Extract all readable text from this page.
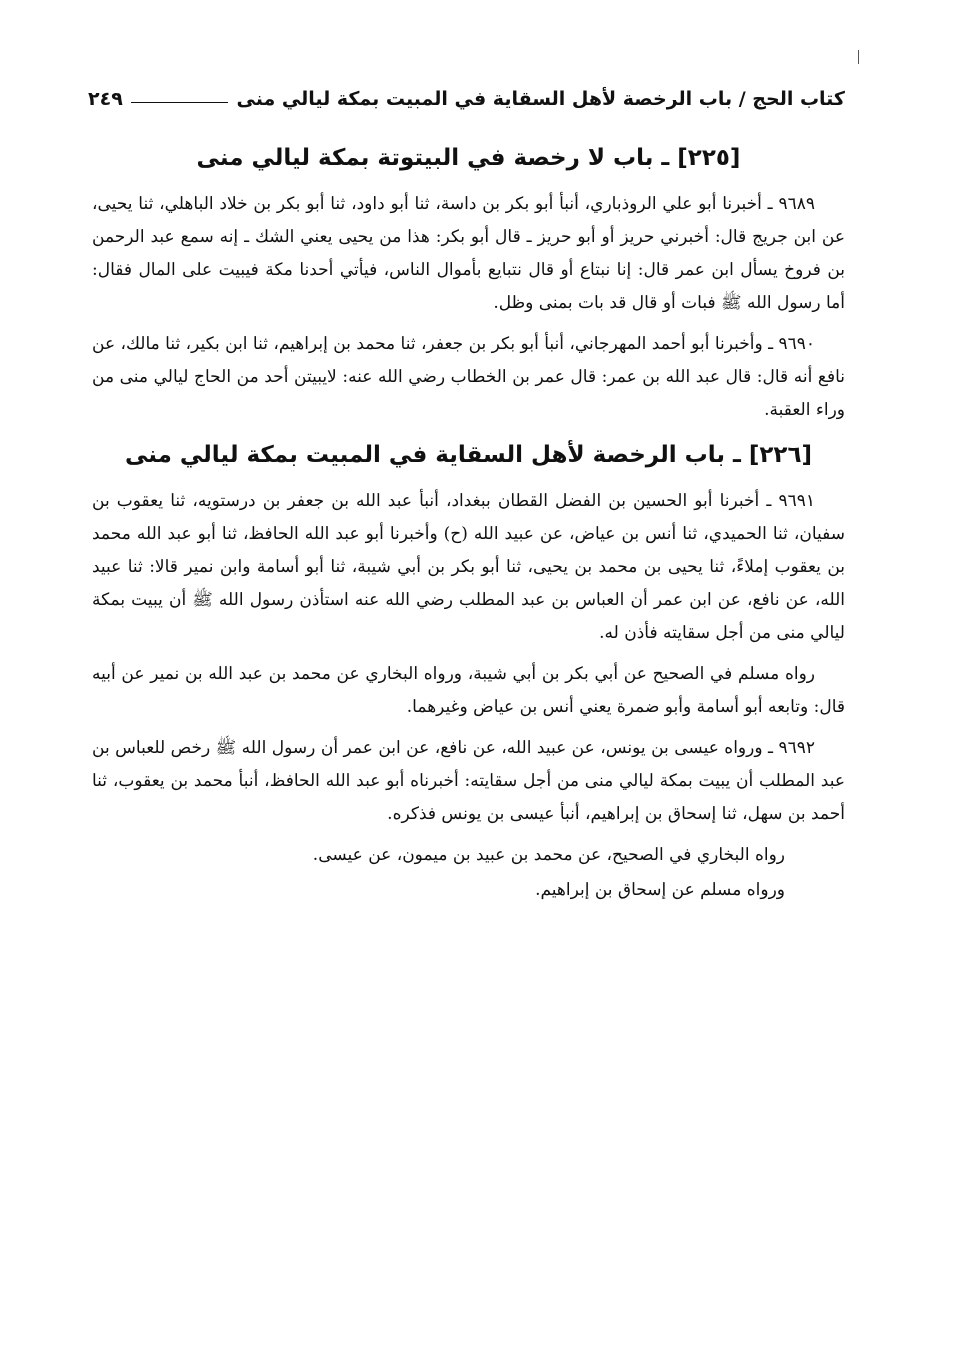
كتاب الحج / باب الرخصة لأهل السقاية في المبيت بمكة ليالي منى
٢٤٩
[٢٢٥] ـ باب لا رخصة في البيتوتة بمكة ليالي منى

٩٦٨٩ ـ أخبرنا أبو علي الروذباري، أنبأ أبو بكر بن داسة، ثنا أبو داود، ثنا أبو بكر بن خلاد الباهلي، ثنا يحيى، عن ابن جريج قال: أخبرني حريز أو أبو حريز ـ قال أبو بكر: هذا من يحيى يعني الشك ـ إنه سمع عبد الرحمن بن فروخ يسأل ابن عمر قال: إنا نبتاع أو قال نتبايع بأموال الناس، فيأتي أحدنا مكة فيبيت على المال فقال: أما رسول الله ﷺ فبات أو قال قد بات بمنى وظل.

٩٦٩٠ ـ وأخبرنا أبو أحمد المهرجاني، أنبأ أبو بكر بن جعفر، ثنا محمد بن إبراهيم، ثنا ابن بكير، ثنا مالك، عن نافع أنه قال: قال عبد الله بن عمر: قال عمر بن الخطاب رضي الله عنه: لايبيتن أحد من الحاج ليالي منى من وراء العقبة.

[٢٢٦] ـ باب الرخصة لأهل السقاية في المبيت بمكة ليالي منى

٩٦٩١ ـ أخبرنا أبو الحسين بن الفضل القطان ببغداد، أنبأ عبد الله بن جعفر بن درستويه، ثنا يعقوب بن سفيان، ثنا الحميدي، ثنا أنس بن عياض، عن عبيد الله (ح) وأخبرنا أبو عبد الله الحافظ، ثنا أبو عبد الله محمد بن يعقوب إملاءً، ثنا يحيى بن محمد بن يحيى، ثنا أبو بكر بن أبي شيبة، ثنا أبو أسامة وابن نمير قالا: ثنا عبيد الله، عن نافع، عن ابن عمر أن العباس بن عبد المطلب رضي الله عنه استأذن رسول الله ﷺ أن يبيت بمكة ليالي منى من أجل سقايته فأذن له.

رواه مسلم في الصحيح عن أبي بكر بن أبي شيبة، ورواه البخاري عن محمد بن عبد الله بن نمير عن أبيه قال: وتابعه أبو أسامة وأبو ضمرة يعني أنس بن عياض وغيرهما.

٩٦٩٢ ـ ورواه عيسى بن يونس، عن عبيد الله، عن نافع، عن ابن عمر أن رسول الله ﷺ رخص للعباس بن عبد المطلب أن يبيت بمكة ليالي منى من أجل سقايته: أخبرناه أبو عبد الله الحافظ، أنبأ محمد بن يعقوب، ثنا أحمد بن سهل، ثنا إسحاق بن إبراهيم، أنبأ عيسى بن يونس فذكره.

رواه البخاري في الصحيح، عن محمد بن عبيد بن ميمون، عن عيسى.

ورواه مسلم عن إسحاق بن إبراهيم.
